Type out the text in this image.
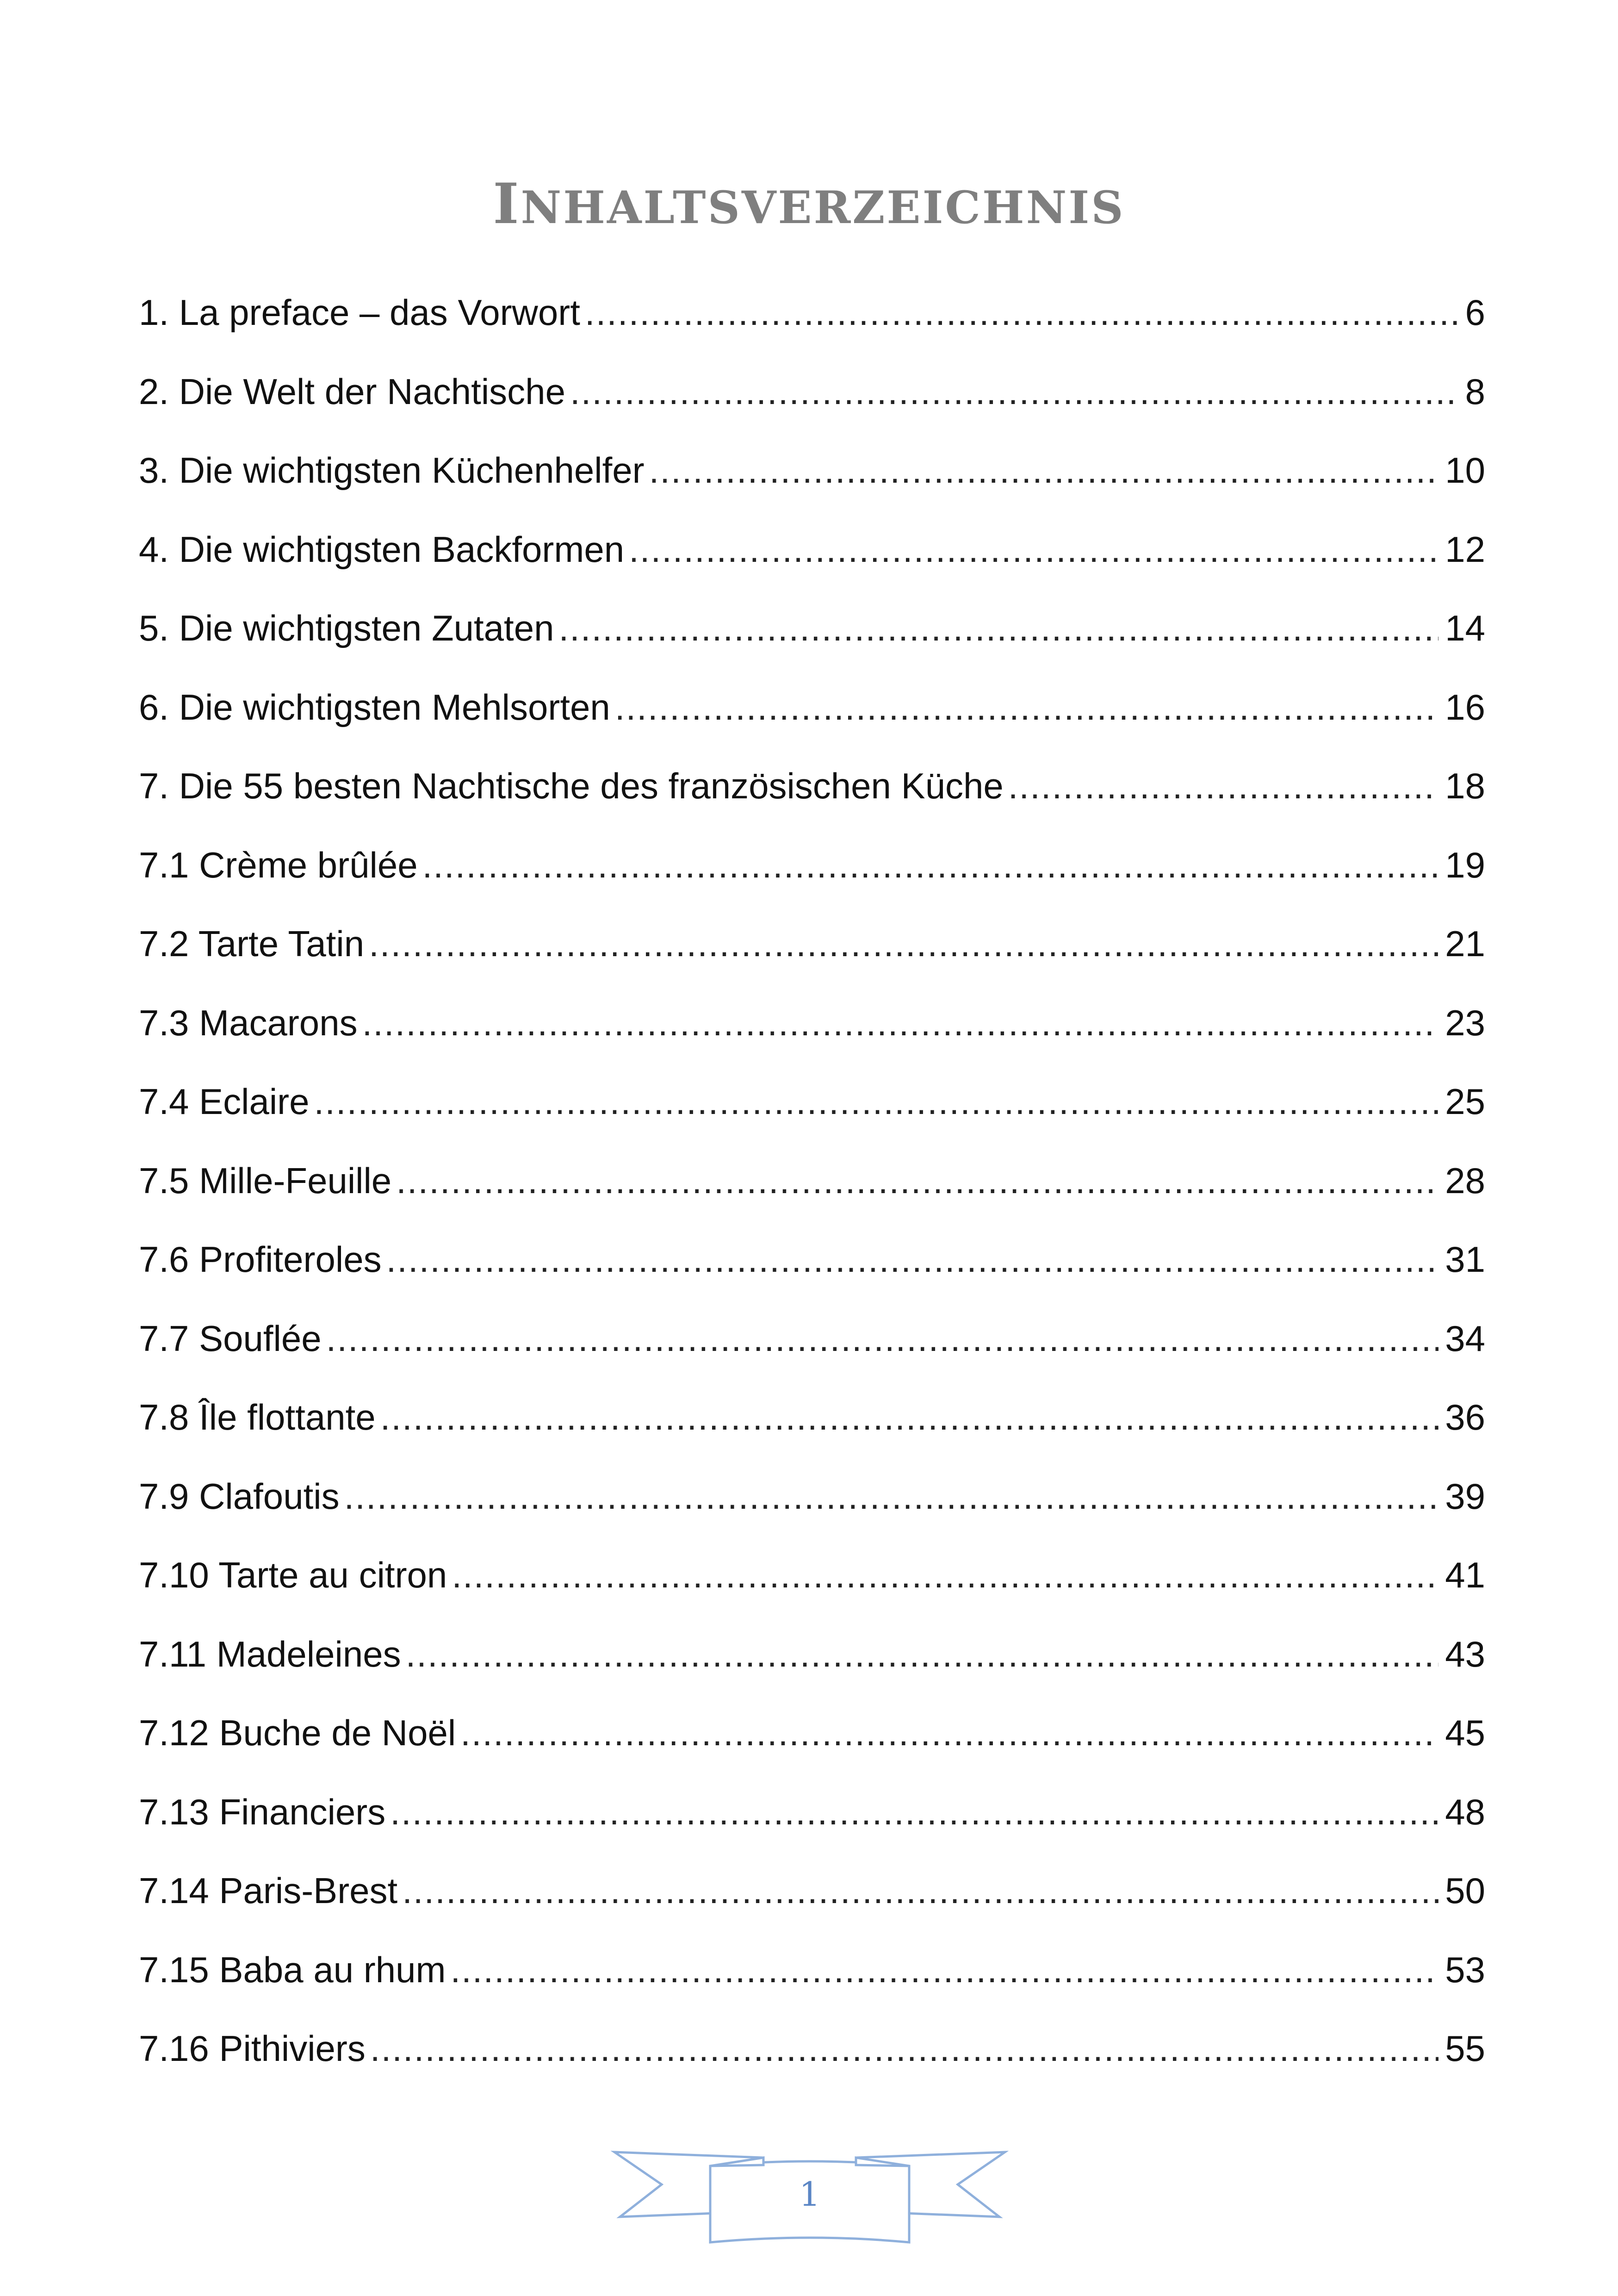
INHALTSVERZEICHNIS
1. La preface – das Vorwort .....	6
2. Die Welt der Nachtische .....	8
3. Die wichtigsten Küchenhelfer .....	10
4. Die wichtigsten Backformen .....	12
5. Die wichtigsten Zutaten .....	14
6. Die wichtigsten Mehlsorten .....	16
7. Die 55 besten Nachtische des französischen Küche .....	18
7.1 Crème brûlée .....	19
7.2 Tarte Tatin .....	21
7.3 Macarons .....	23
7.4 Eclaire .....	25
7.5 Mille-Feuille .....	28
7.6 Profiteroles .....	31
7.7 Souflée .....	34
7.8 Île flottante .....	36
7.9 Clafoutis .....	39
7.10 Tarte au citron .....	41
7.11 Madeleines .....	43
7.12 Buche de Noël .....	45
7.13 Financiers .....	48
7.14 Paris-Brest .....	50
7.15 Baba au rhum .....	53
7.16 Pithiviers .....	55
1
